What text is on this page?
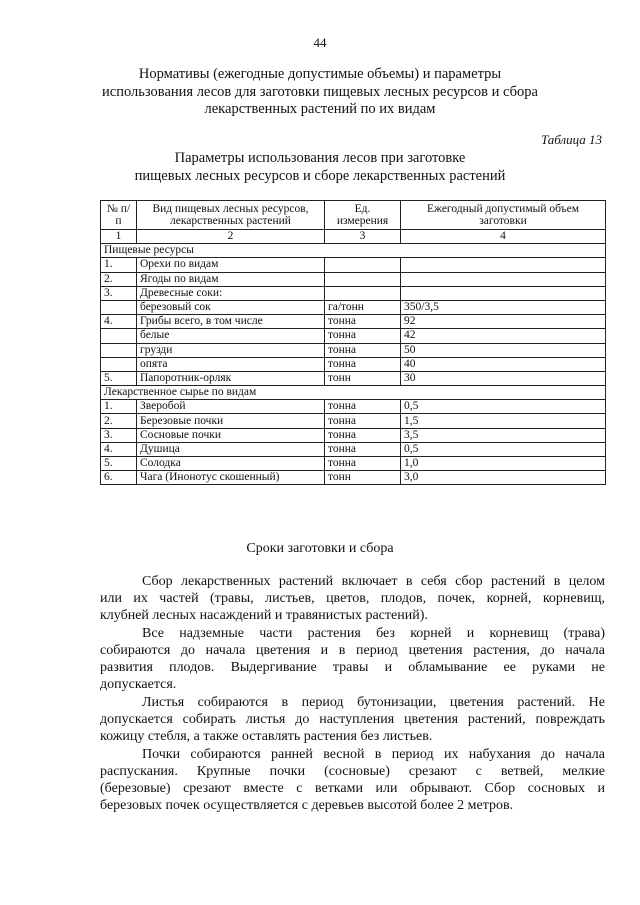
44
Нормативы (ежегодные допустимые объемы) и параметры
использования лесов для заготовки пищевых лесных ресурсов и сбора
лекарственных растений по их видам
Таблица 13
Параметры использования лесов при заготовке
пищевых лесных ресурсов и сборе лекарственных растений
№ п/п	Вид пищевых лесных ресурсов, лекарственных растений	Ед. измерения	Ежегодный допустимый объем заготовки
1	2	3	4
Пищевые ресурсы			
1.	Орехи по видам		
2.	Ягоды по видам		
3.	Древесные соки:		
	березовый сок	га/тонн	350/3,5
4.	Грибы всего, в том числе	тонна	92
	белые	тонна	42
	грузди	тонна	50
	опята	тонна	40
5.	Папоротник-орляк	тонн	30
Лекарственное сырье по видам			
1.	Зверобой	тонна	0,5
2.	Березовые почки	тонна	1,5
3.	Сосновые почки	тонна	3,5
4.	Душица	тонна	0,5
5.	Солодка	тонна	1,0
6.	Чага (Инонотус скошенный)	тонн	3,0
Сроки заготовки и сбора
Сбор лекарственных растений включает в себя сбор растений в целом
или их частей (травы, листьев, цветов, плодов, почек, корней, корневищ,
клубней лесных насаждений и травянистых растений).
Все надземные части растения без корней и корневищ (трава)
собираются до начала цветения и в период цветения растения, до начала
развития плодов. Выдергивание травы и обламывание ее руками не
допускается.
Листья собираются в период бутонизации, цветения растений. Не
допускается собирать листья до наступления цветения растений, повреждать
кожицу стебля, а также оставлять растения без листьев.
Почки собираются ранней весной в период их набухания до начала
распускания. Крупные почки (сосновые) срезают с ветвей, мелкие
(березовые) срезают вместе с ветками или обрывают. Сбор сосновых и
березовых почек осуществляется с деревьев высотой более 2 метров.
